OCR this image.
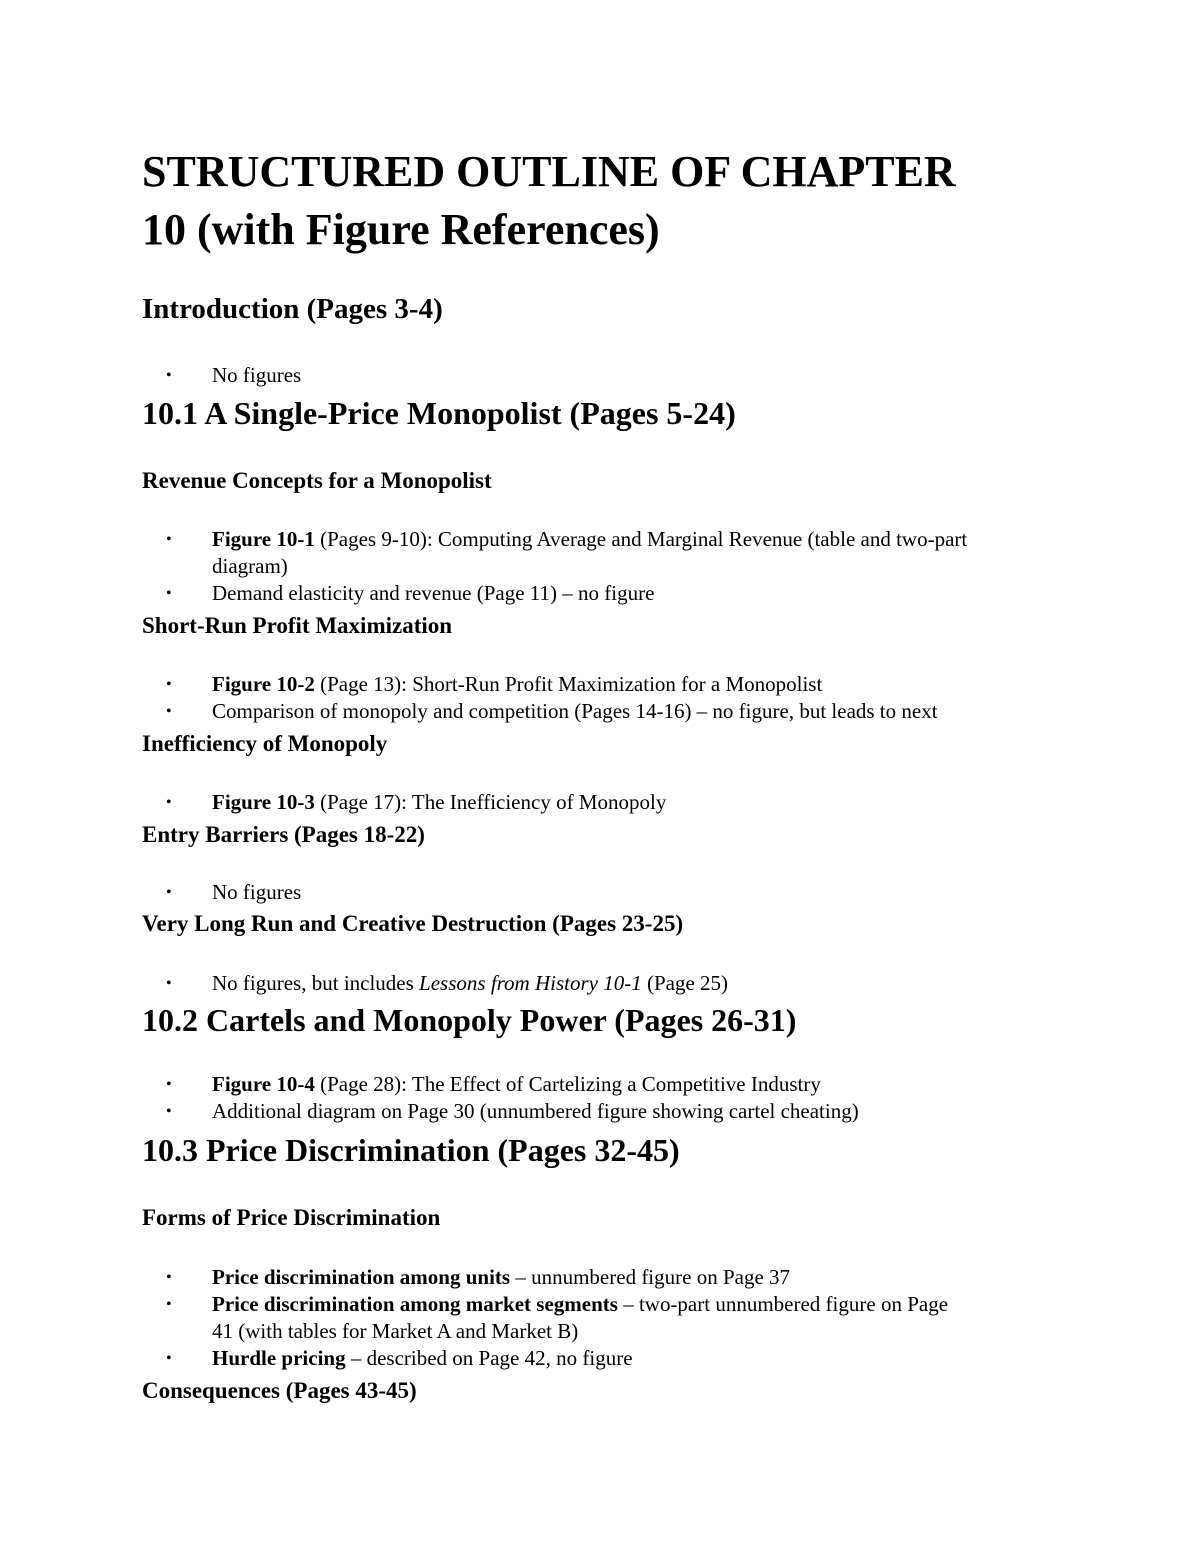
STRUCTURED OUTLINE OF CHAPTER
10 (with Figure References)
Introduction (Pages 3-4)
• No figures
10.1 A Single-Price Monopolist (Pages 5-24)
Revenue Concepts for a Monopolist
• Figure 10-1 (Pages 9-10): Computing Average and Marginal Revenue (table and two-part
diagram)
• Demand elasticity and revenue (Page 11) – no figure
Short-Run Profit Maximization
• Figure 10-2 (Page 13): Short-Run Profit Maximization for a Monopolist
• Comparison of monopoly and competition (Pages 14-16) – no figure, but leads to next
Inefficiency of Monopoly
• Figure 10-3 (Page 17): The Inefficiency of Monopoly
Entry Barriers (Pages 18-22)
• No figures
Very Long Run and Creative Destruction (Pages 23-25)
• No figures, but includes Lessons from History 10-1 (Page 25)
10.2 Cartels and Monopoly Power (Pages 26-31)
• Figure 10-4 (Page 28): The Effect of Cartelizing a Competitive Industry
• Additional diagram on Page 30 (unnumbered figure showing cartel cheating)
10.3 Price Discrimination (Pages 32-45)
Forms of Price Discrimination
• Price discrimination among units – unnumbered figure on Page 37
• Price discrimination among market segments – two-part unnumbered figure on Page
41 (with tables for Market A and Market B)
• Hurdle pricing – described on Page 42, no figure
Consequences (Pages 43-45)
